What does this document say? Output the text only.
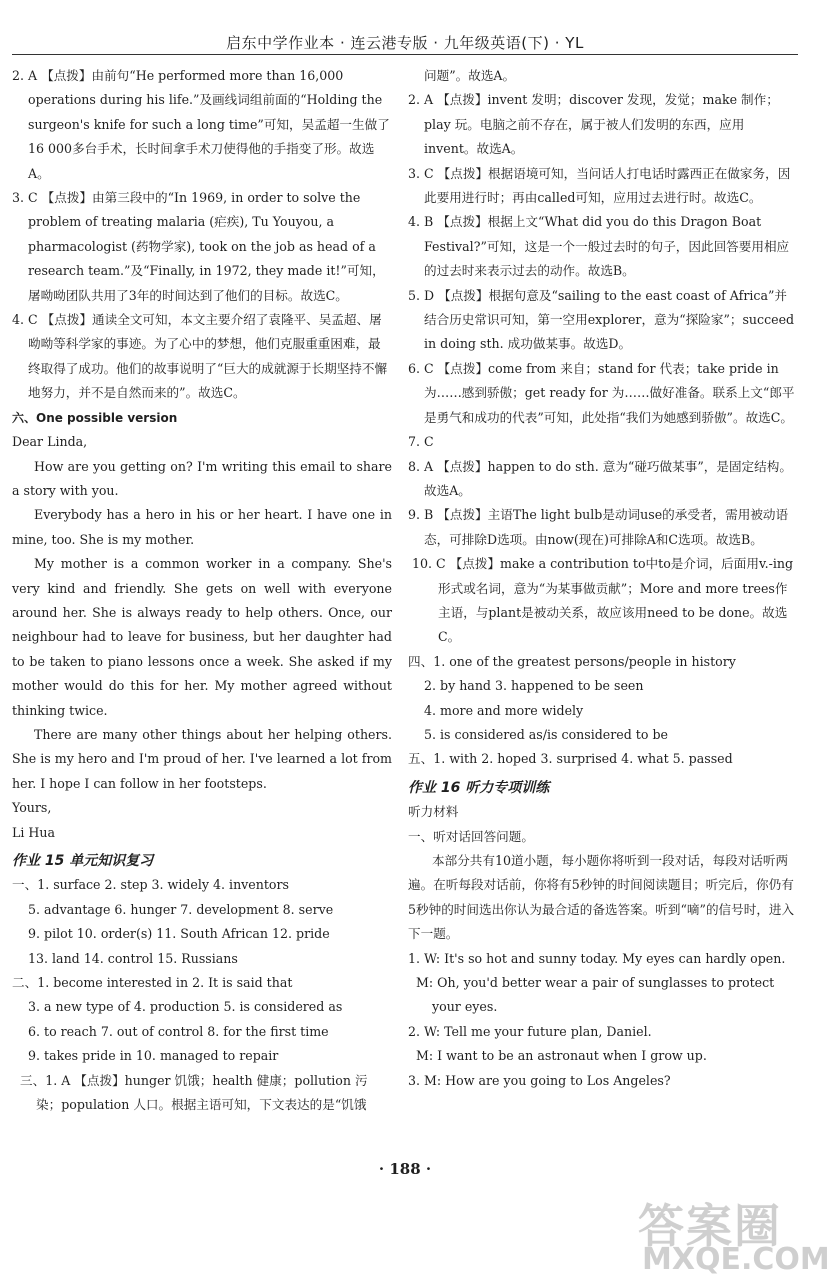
启东中学作业本 · 连云港专版 · 九年级英语(下) · YL

2. A 【点拨】由前句“He performed more than 16,000 operations during his life.”及画线词组前面的“Holding the surgeon's knife for such a long time”可知，吴孟超一生做了16 000多台手术，长时间拿手术刀使得他的手指变了形。故选A。

3. C 【点拨】由第三段中的“In 1969, in order to solve the problem of treating malaria (疟疾), Tu Youyou, a pharmacologist (药物学家), took on the job as head of a research team.”及“Finally, in 1972, they made it!”可知，屠呦呦团队共用了3年的时间达到了他们的目标。故选C。

4. C 【点拨】通读全文可知，本文主要介绍了袁隆平、吴孟超、屠呦呦等科学家的事迹。为了心中的梦想，他们克服重重困难，最终取得了成功。他们的故事说明了“巨大的成就源于长期坚持不懈地努力，并不是自然而来的”。故选C。

六、One possible version

Dear Linda,

How are you getting on? I'm writing this email to share a story with you.

Everybody has a hero in his or her heart. I have one in mine, too. She is my mother.

My mother is a common worker in a company. She's very kind and friendly. She gets on well with everyone around her. She is always ready to help others. Once, our neighbour had to leave for business, but her daughter had to be taken to piano lessons once a week. She asked if my mother would do this for her. My mother agreed without thinking twice.

There are many other things about her helping others. She is my hero and I'm proud of her. I've learned a lot from her. I hope I can follow in her footsteps.

Yours,

Li Hua

作业 15 单元知识复习

一、1. surface 2. step 3. widely 4. inventors

5. advantage 6. hunger 7. development 8. serve

9. pilot 10. order(s) 11. South African 12. pride

13. land 14. control 15. Russians

二、1. become interested in 2. It is said that

3. a new type of 4. production 5. is considered as

6. to reach 7. out of control 8. for the first time

9. takes pride in 10. managed to repair

三、1. A 【点拨】hunger 饥饿；health 健康；pollution 污染；population 人口。根据主语可知，下文表达的是“饥饿

问题”。故选A。

2. A 【点拨】invent 发明；discover 发现，发觉；make 制作；play 玩。电脑之前不存在，属于被人们发明的东西，应用invent。故选A。

3. C 【点拨】根据语境可知，当问话人打电话时露西正在做家务，因此要用进行时；再由called可知，应用过去进行时。故选C。

4. B 【点拨】根据上文“What did you do this Dragon Boat Festival?”可知，这是一个一般过去时的句子，因此回答要用相应的过去时来表示过去的动作。故选B。

5. D 【点拨】根据句意及“sailing to the east coast of Africa”并结合历史常识可知，第一空用explorer，意为“探险家”；succeed in doing sth. 成功做某事。故选D。

6. C 【点拨】come from 来自；stand for 代表；take pride in 为……感到骄傲；get ready for 为……做好准备。联系上文“郎平是勇气和成功的代表”可知，此处指“我们为她感到骄傲”。故选C。

7. C

8. A 【点拨】happen to do sth. 意为“碰巧做某事”，是固定结构。故选A。

9. B 【点拨】主语The light bulb是动词use的承受者，需用被动语态，可排除D选项。由now(现在)可排除A和C选项。故选B。

10. C 【点拨】make a contribution to中to是介词，后面用v.-ing形式或名词，意为“为某事做贡献”；More and more trees作主语，与plant是被动关系，故应该用need to be done。故选C。

四、1. one of the greatest persons/people in history

2. by hand 3. happened to be seen

4. more and more widely

5. is considered as/is considered to be

五、1. with 2. hoped 3. surprised 4. what 5. passed

作业 16 听力专项训练
听力材料

一、听对话回答问题。

本部分共有10道小题，每小题你将听到一段对话，每段对话听两遍。在听每段对话前，你将有5秒钟的时间阅读题目；听完后，你仍有5秒钟的时间选出你认为最合适的备选答案。听到“嘀”的信号时，进入下一题。

1. W: It's so hot and sunny today. My eyes can hardly open.

M: Oh, you'd better wear a pair of sunglasses to protect your eyes.

2. W: Tell me your future plan, Daniel.

M: I want to be an astronaut when I grow up.

3. M: How are you going to Los Angeles?

· 188 ·
答案圈
MXQE.COM
